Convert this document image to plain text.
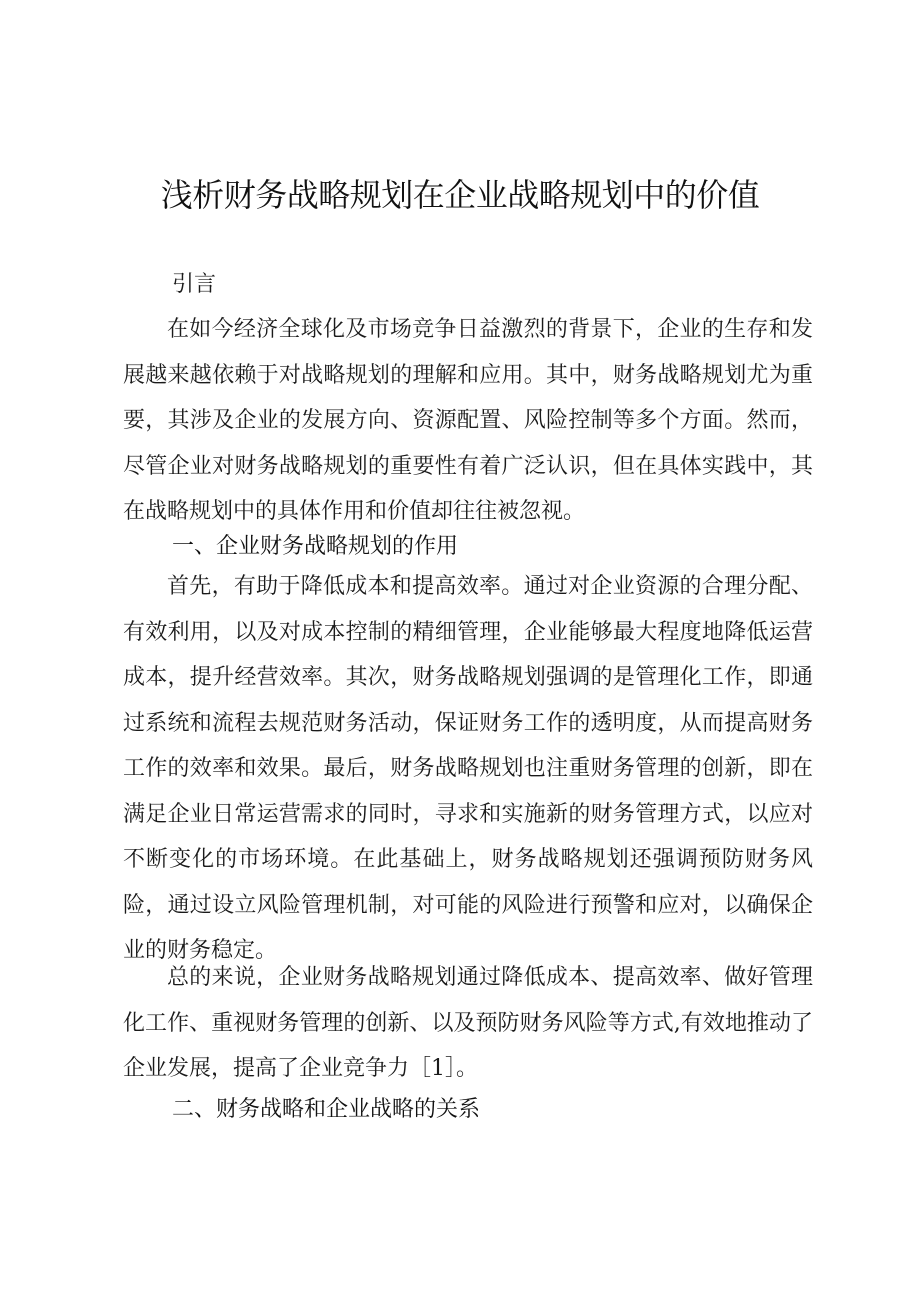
浅析财务战略规划在企业战略规划中的价值
引言

在如今经济全球化及市场竞争日益激烈的背景下，企业的生存和发展越来越依赖于对战略规划的理解和应用。其中，财务战略规划尤为重要，其涉及企业的发展方向、资源配置、风险控制等多个方面。然而，尽管企业对财务战略规划的重要性有着广泛认识，但在具体实践中，其在战略规划中的具体作用和价值却往往被忽视。

一、企业财务战略规划的作用

首先，有助于降低成本和提高效率。通过对企业资源的合理分配、有效利用，以及对成本控制的精细管理，企业能够最大程度地降低运营成本，提升经营效率。其次，财务战略规划强调的是管理化工作，即通过系统和流程去规范财务活动，保证财务工作的透明度，从而提高财务工作的效率和效果。最后，财务战略规划也注重财务管理的创新，即在满足企业日常运营需求的同时，寻求和实施新的财务管理方式，以应对不断变化的市场环境。在此基础上，财务战略规划还强调预防财务风险，通过设立风险管理机制，对可能的风险进行预警和应对，以确保企业的财务稳定。

总的来说，企业财务战略规划通过降低成本、提高效率、做好管理化工作、重视财务管理的创新、以及预防财务风险等方式,有效地推动了企业发展，提高了企业竞争力［1］。

二、财务战略和企业战略的关系
